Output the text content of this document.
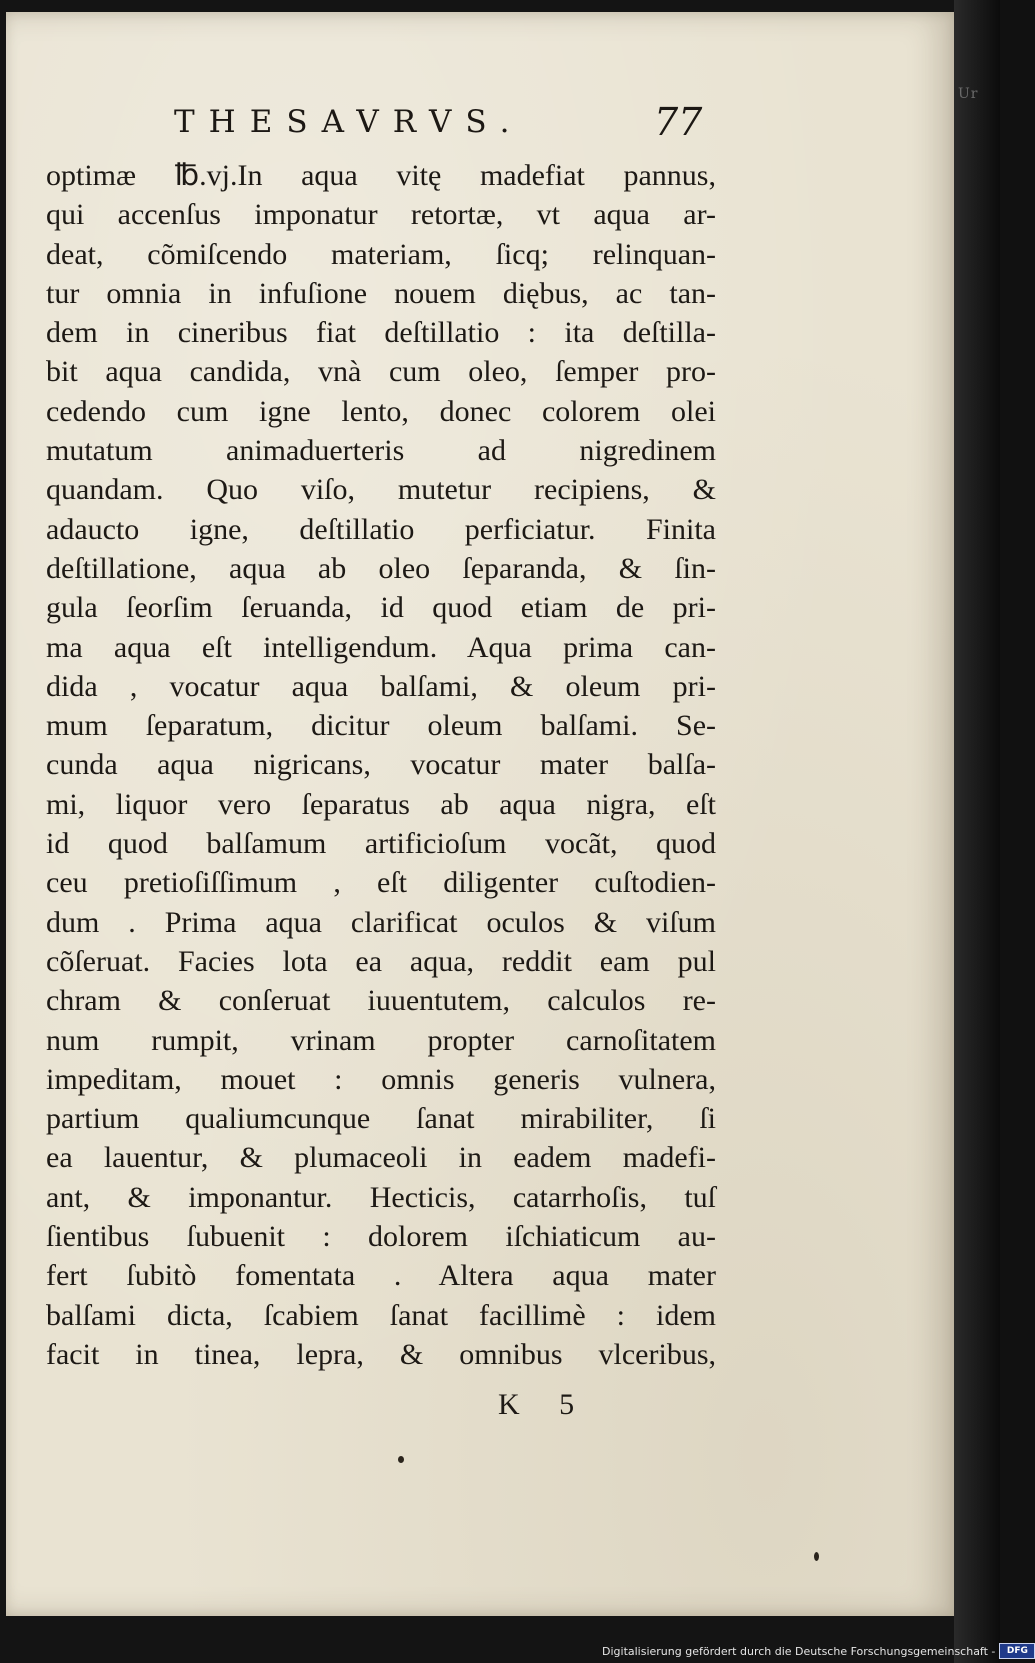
THESAVRVS.	77
optimæ ℔.vj.In aqua vitę madefiat pannus,
qui accenſus imponatur retortæ, vt aqua ar-
deat, cõmiſcendo materiam, ſicq; relinquan-
tur omnia in infuſione nouem diębus, ac tan-
dem in cineribus fiat deſtillatio : ita deſtilla-
bit aqua candida, vnà cum oleo, ſemper pro-
cedendo cum igne lento, donec colorem olei
mutatum animaduerteris ad nigredinem
quandam. Quo viſo, mutetur recipiens, &
adaucto igne, deſtillatio perficiatur. Finita
deſtillatione, aqua ab oleo ſeparanda, & ſin-
gula ſeorſim ſeruanda, id quod etiam de pri-
ma aqua eſt intelligendum. Aqua prima can-
dida , vocatur aqua balſami, & oleum pri-
mum ſeparatum, dicitur oleum balſami. Se-
cunda aqua nigricans, vocatur mater balſa-
mi, liquor vero ſeparatus ab aqua nigra, eſt
id quod balſamum artificioſum vocãt, quod
ceu pretioſiſſimum , eſt diligenter cuſtodien-
dum . Prima aqua clarificat oculos & viſum
cõſeruat. Facies lota ea aqua, reddit eam pul
chram & conſeruat iuuentutem, calculos re-
num rumpit, vrinam propter carnoſitatem
impeditam, mouet : omnis generis vulnera,
partium qualiumcunque ſanat mirabiliter, ſi
ea lauentur, & plumaceoli in eadem madefi-
ant, & imponantur. Hecticis, catarrhoſis, tuſ
ſientibus ſubuenit : dolorem iſchiaticum au-
fert ſubitò fomentata . Altera aqua mater
balſami dicta, ſcabiem ſanat facillimè : idem
facit in tinea, lepra, & omnibus vlceribus,
K 5
Ur
Digitalisierung gefördert durch die Deutsche Forschungsgemeinschaft -	DFG
